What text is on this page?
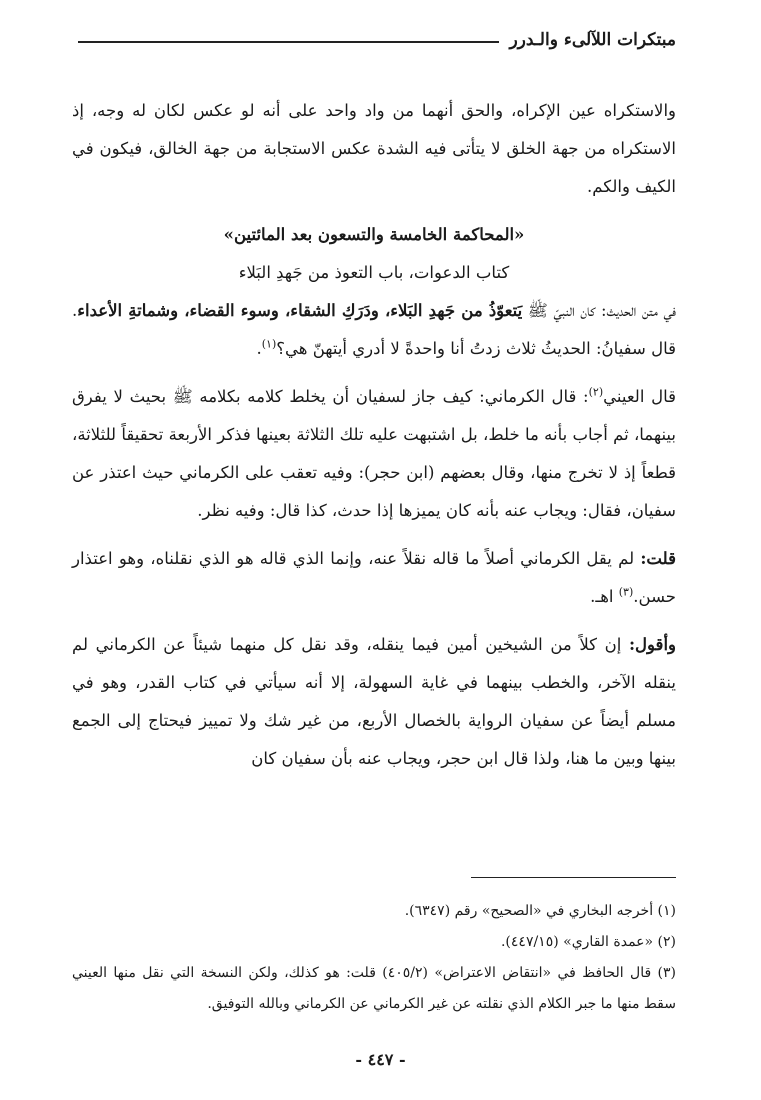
مبتكرات اللآلىء والـدرر

والاستكراه عين الإكراه، والحق أنهما من واد واحد على أنه لو عكس لكان له وجه، إذ الاستكراه من جهة الخلق لا يتأتى فيه الشدة عكس الاستجابة من جهة الخالق، فيكون في الكيف والكم.

«المحاكمة الخامسة والتسعون بعد المائتين»

كتاب الدعوات، باب التعوذ من جَهدِ البَلاء

في متن الحديث: كان النبيّ ﷺ يَتعوّذُ من جَهدِ البَلاء، ودَرَكِ الشقاء، وسوء القضاء، وشماتةِ الأعداء. قال سفيانُ: الحديثُ ثلاث زدتُ أنا واحدةً لا أدري أيتهنّ هي؟$^{(١)}$.

قال العيني$^{(٢)}$: قال الكرماني: كيف جاز لسفيان أن يخلط كلامه بكلامه ﷺ بحيث لا يفرق بينهما، ثم أجاب بأنه ما خلط، بل اشتبهت عليه تلك الثلاثة بعينها فذكر الأربعة تحقيقاً للثلاثة، قطعاً إذ لا تخرج منها، وقال بعضهم (ابن حجر): وفيه تعقب على الكرماني حيث اعتذر عن سفيان، فقال: ويجاب عنه بأنه كان يميزها إذا حدث، كذا قال: وفيه نظر.

قلت: لم يقل الكرماني أصلاً ما قاله نقلاً عنه، وإنما الذي قاله هو الذي نقلناه، وهو اعتذار حسن.$^{(٣)}$ اهـ.

وأقول: إن كلاً من الشيخين أمين فيما ينقله، وقد نقل كل منهما شيئاً عن الكرماني لم ينقله الآخر، والخطب بينهما في غاية السهولة، إلا أنه سيأتي في كتاب القدر، وهو في مسلم أيضاً عن سفيان الرواية بالخصال الأربع، من غير شك ولا تمييز فيحتاج إلى الجمع بينها وبين ما هنا، ولذا قال ابن حجر، ويجاب عنه بأن سفيان كان

(١) أخرجه البخاري في «الصحيح» رقم (٦٣٤٧).

(٢) «عمدة القاري» (٤٤٧/١٥).

(٣) قال الحافظ في «انتقاض الاعتراض» (٤٠٥/٢) قلت: هو كذلك، ولكن النسخة التي نقل منها العيني سقط منها ما جبر الكلام الذي نقلته عن غير الكرماني عن الكرماني وبالله التوفيق.

- ٤٤٧ -
